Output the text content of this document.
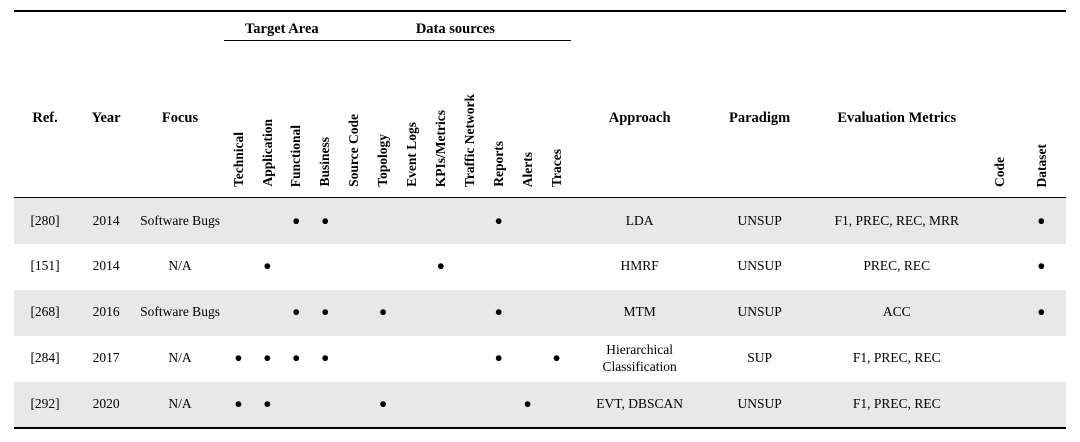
			Target Area				Data sources												
Ref.	Year	Focus	Technical	Application	Functional	Business	Source Code	Topology	Event Logs	KPIs/Metrics	Traffic Network	Reports	Alerts	Traces	Approach	Paradigm	Evaluation Metrics	Code	Dataset
[280]	2014	Software Bugs			●	●						●			LDA	UNSUP	F1, PREC, REC, MRR		●
[151]	2014	N/A		●						●					HMRF	UNSUP	PREC, REC		●
[268]	2016	Software Bugs			●	●		●				●			MTM	UNSUP	ACC		●
[284]	2017	N/A	●	●	●	●						●		●	Hierarchical Classification	SUP	F1, PREC, REC		
[292]	2020	N/A	●	●				●					●		EVT, DBSCAN	UNSUP	F1, PREC, REC		
